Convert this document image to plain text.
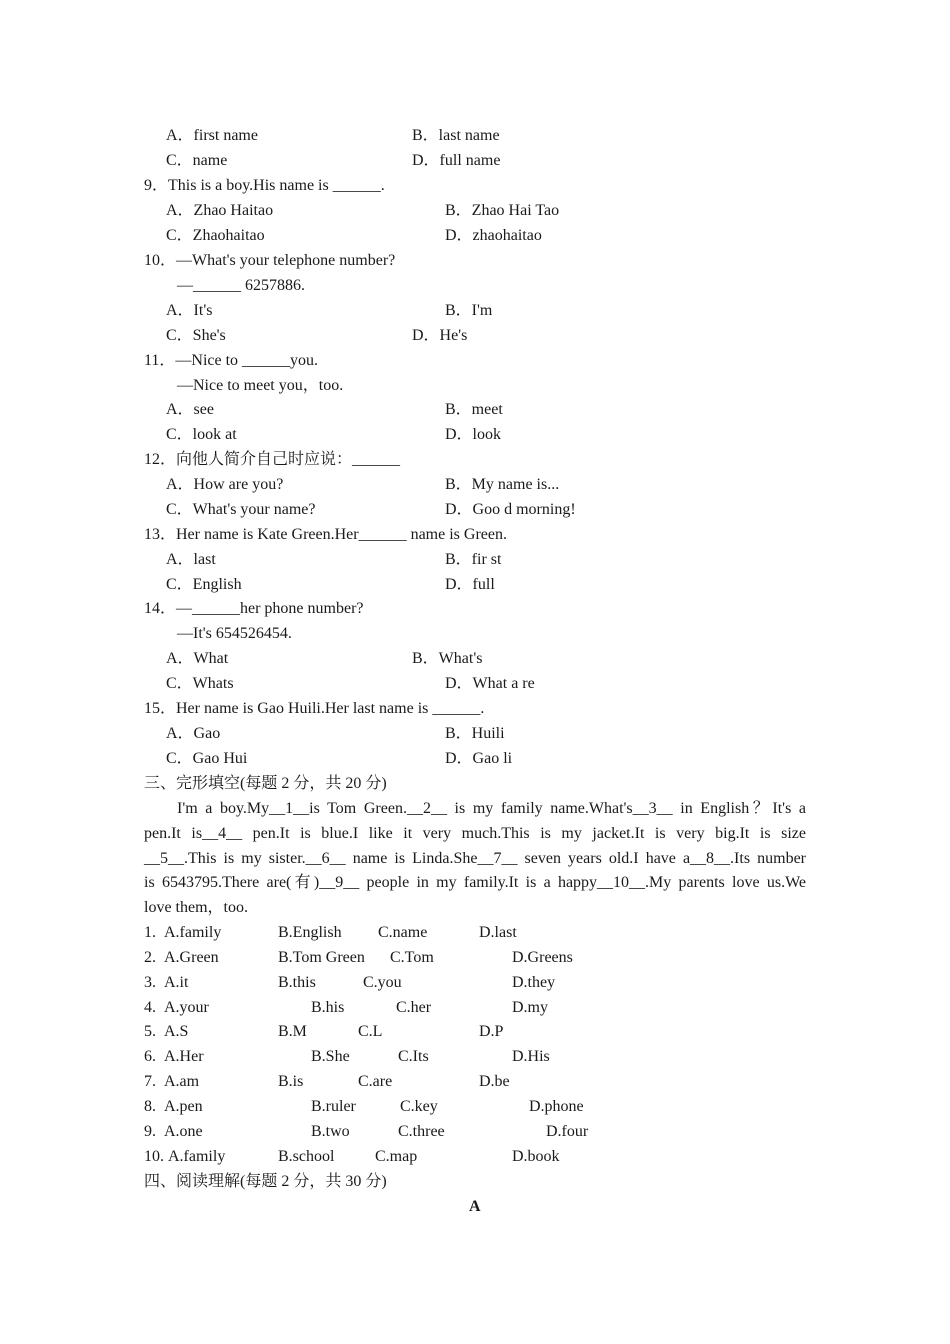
A．first name	B．last name
C．name	D．full name
9．This is a boy.His name is ______.
A．Zhao Haitao	B．Zhao Hai Tao
C．Zhaohaitao	D．zhaohaitao
10．—What's your telephone number?
—______ 6257886.
A．It's	B．I'm
C．She's	D．He's
11．—Nice to ______you.
—Nice to meet you，too.
A．see	B．meet
C．look at	D．look
12．向他人简介自己时应说：______
A．How are you?	B．My name is...
C．What's your name?	D．Goo d morning!
13．Her name is Kate Green.Her______ name is Green.
A．last	B．fir st
C．English	D．full
14．—______her phone number?
—It's 654526454.
A．What	B．What's
C．Whats	D．What a re
15．Her name is Gao Huili.Her last name is ______.
A．Gao	B．Huili
C．Gao Hui	D．Gao li
三、完形填空(每题 2 分，共 20 分)
I'm a boy.My__1__is Tom Green.__2__ is my family name.What's__3__ in English？It's a
pen.It is__4__ pen.It is blue.I like it very much.This is my jacket.It is very big.It is size
__5__.This is my sister.__6__ name is Linda.She__7__ seven years old.I have a__8__.Its number
is 6543795.There are(有)__9__ people in my family.It is a happy__10__.My parents love us.We
love them，too.
1. A.family	B.English C.name	D.last
2. A.Green	B.Tom Green C.Tom	D.Greens
3. A.it	B.this	C.you	D.they
4. A.your	B.his	C.her	D.my
5. A.S	B.M	C.L	D.P
6. A.Her	B.She	C.Its	D.His
7. A.am	B.is	C.are	D.be
8. A.pen	B.ruler	C.key	D.phone
9. A.one	B.two	C.three	D.four
10. A.family	B.school	C.map	D.book
四、阅读理解(每题 2 分，共 30 分)
A
